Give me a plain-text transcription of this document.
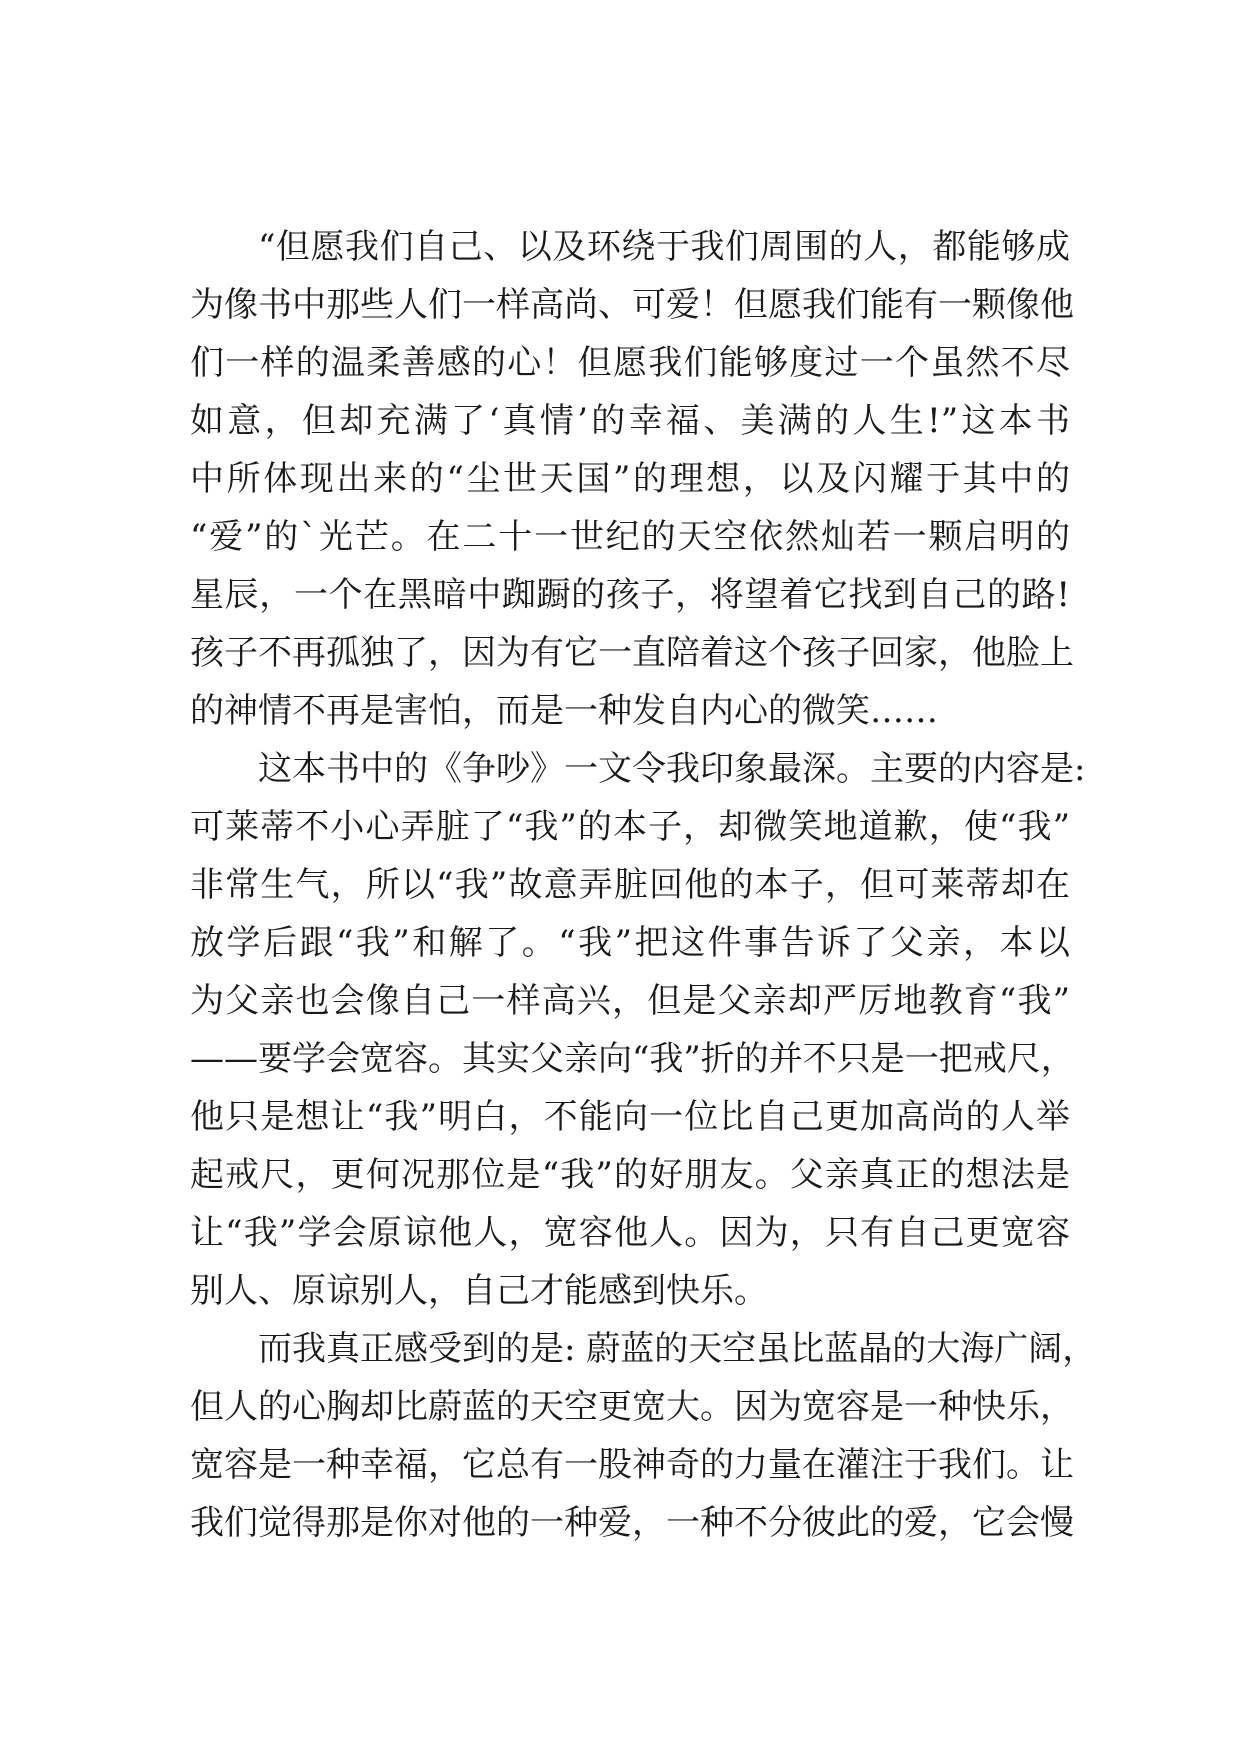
“但愿我们自己、以及环绕于我们周围的人，都能够成
为像书中那些人们一样高尚、可爱！但愿我们能有一颗像他
们一样的温柔善感的心！但愿我们能够度过一个虽然不尽
如意，但却充满了‘真情’的幸福、美满的人生!”这本书
中所体现出来的“尘世天国”的理想，以及闪耀于其中的
“爱”的`光芒。在二十一世纪的天空依然灿若一颗启明的
星辰，一个在黑暗中踟蹰的孩子，将望着它找到自己的路!
孩子不再孤独了，因为有它一直陪着这个孩子回家，他脸上
的神情不再是害怕，而是一种发自内心的微笑……

这本书中的《争吵》一文令我印象最深。主要的内容是:
可莱蒂不小心弄脏了“我”的本子，却微笑地道歉，使“我”
非常生气，所以“我”故意弄脏回他的本子，但可莱蒂却在
放学后跟“我”和解了。“我”把这件事告诉了父亲，本以
为父亲也会像自己一样高兴，但是父亲却严厉地教育“我”
——要学会宽容。其实父亲向“我”折的并不只是一把戒尺，
他只是想让“我”明白，不能向一位比自己更加高尚的人举
起戒尺，更何况那位是“我”的好朋友。父亲真正的想法是
让“我”学会原谅他人，宽容他人。因为，只有自己更宽容
别人、原谅别人，自己才能感到快乐。

而我真正感受到的是: 蔚蓝的天空虽比蓝晶的大海广阔，
但人的心胸却比蔚蓝的天空更宽大。因为宽容是一种快乐，
宽容是一种幸福，它总有一股神奇的力量在灌注于我们。让
我们觉得那是你对他的一种爱，一种不分彼此的爱，它会慢
